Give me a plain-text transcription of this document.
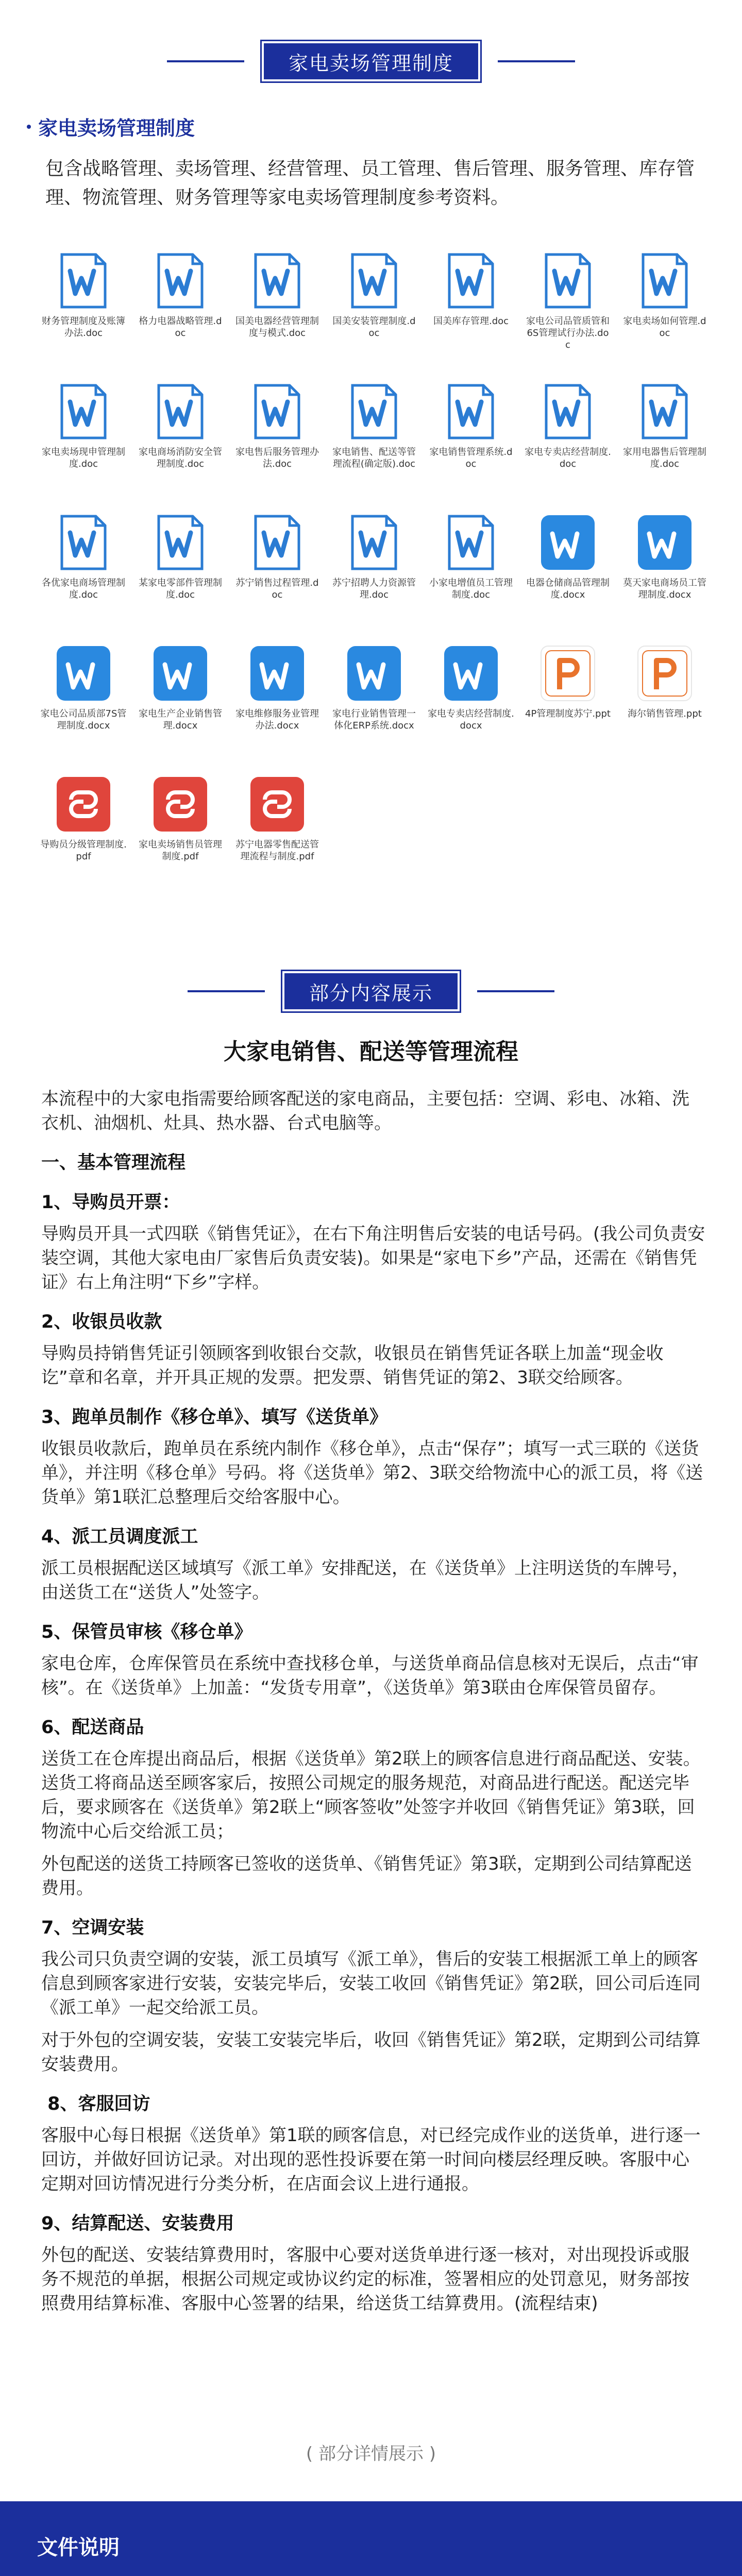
家电卖场管理制度
家电卖场管理制度

包含战略管理、卖场管理、经营管理、员工管理、售后管理、服务管理、库存管理、物流管理、财务管理等家电卖场管理制度参考资料。

财务管理制度及账簿办法.doc
格力电器战略管理.doc
国美电器经营管理制度与模式.doc
国美安装管理制度.doc
国美库存管理.doc	家电公司品管质管和6S管理试行办法.doc
家电卖场如何管理.doc
家电卖场现申管理制度.doc
家电商场消防安全管理制度.doc
家电售后服务管理办法.doc
家电销售、配送等管理流程(确定版).doc
家电销售管理系统.doc
家电专卖店经营制度.doc
家用电器售后管理制度.doc
各优家电商场管理制度.doc
某家电零部件管理制度.doc
苏宁销售过程管理.doc
苏宁招聘人力资源管理.doc
小家电增值员工管理制度.doc
电器仓储商品管理制度.docx
莫天家电商场员工管理制度.docx
家电公司品质部7S管理制度.docx
家电生产企业销售管理.docx
家电维修服务业管理办法.docx
家电行业销售管理一体化ERP系统.docx
家电专卖店经营制度.docx
4P管理制度苏宁.ppt	海尔销售管理.ppt
导购员分级管理制度.pdf
家电卖场销售员管理制度.pdf
苏宁电器零售配送管理流程与制度.pdf
部分内容展示
大家电销售、配送等管理流程

本流程中的大家电指需要给顾客配送的家电商品，主要包括：空调、彩电、冰箱、洗衣机、油烟机、灶具、热水器、台式电脑等。

一、基本管理流程

1、导购员开票：

导购员开具一式四联《销售凭证》，在右下角注明售后安装的电话号码。(我公司负责安装空调，其他大家电由厂家售后负责安装)。如果是“家电下乡”产品，还需在《销售凭证》右上角注明“下乡”字样。

2、收银员收款

导购员持销售凭证引领顾客到收银台交款，收银员在销售凭证各联上加盖“现金收讫”章和名章，并开具正规的发票。把发票、销售凭证的第2、3联交给顾客。

3、跑单员制作《移仓单》、填写《送货单》

收银员收款后，跑单员在系统内制作《移仓单》，点击“保存”；填写一式三联的《送货单》，并注明《移仓单》号码。将《送货单》第2、3联交给物流中心的派工员，将《送货单》第1联汇总整理后交给客服中心。

4、派工员调度派工

派工员根据配送区域填写《派工单》安排配送，在《送货单》上注明送货的车牌号，由送货工在“送货人”处签字。

5、保管员审核《移仓单》

家电仓库，仓库保管员在系统中查找移仓单，与送货单商品信息核对无误后，点击“审核”。在《送货单》上加盖：“发货专用章”，《送货单》第3联由仓库保管员留存。

6、配送商品

送货工在仓库提出商品后，根据《送货单》第2联上的顾客信息进行商品配送、安装。送货工将商品送至顾客家后，按照公司规定的服务规范，对商品进行配送。配送完毕后，要求顾客在《送货单》第2联上“顾客签收”处签字并收回《销售凭证》第3联，回物流中心后交给派工员；

外包配送的送货工持顾客已签收的送货单、《销售凭证》第3联，定期到公司结算配送费用。

7、空调安装

我公司只负责空调的安装，派工员填写《派工单》，售后的安装工根据派工单上的顾客信息到顾客家进行安装，安装完毕后，安装工收回《销售凭证》第2联，回公司后连同《派工单》一起交给派工员。

对于外包的空调安装，安装工安装完毕后，收回《销售凭证》第2联，定期到公司结算安装费用。

8、客服回访

客服中心每日根据《送货单》第1联的顾客信息，对已经完成作业的送货单，进行逐一回访，并做好回访记录。对出现的恶性投诉要在第一时间向楼层经理反映。客服中心定期对回访情况进行分类分析，在店面会议上进行通报。

9、结算配送、安装费用

外包的配送、安装结算费用时，客服中心要对送货单进行逐一核对，对出现投诉或服务不规范的单据，根据公司规定或协议约定的标准，签署相应的处罚意见，财务部按照费用结算标准、客服中心签署的结果，给送货工结算费用。(流程结束)

( 部分详情展示 )

文件说明
